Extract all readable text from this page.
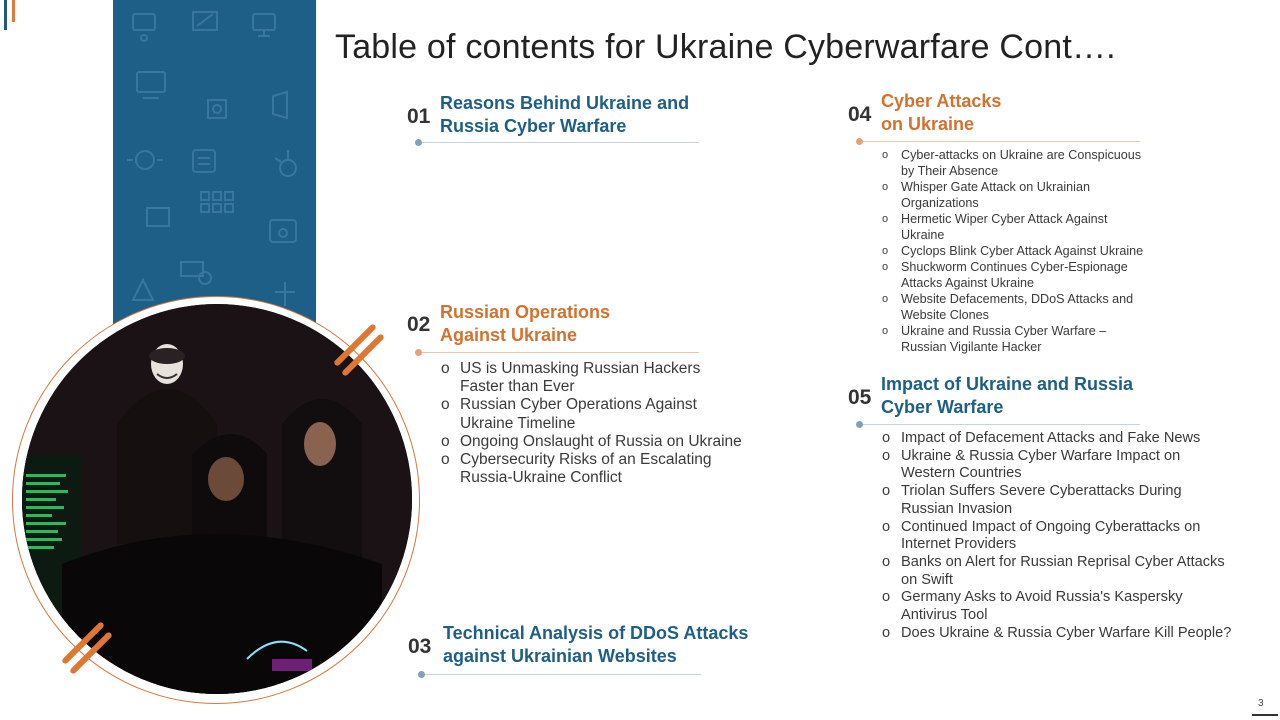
Table of contents for Ukraine Cyberwarfare Cont….
01
Reasons Behind Ukraine and
Russia Cyber Warfare
02
Russian Operations
Against Ukraine
o US is Unmasking Russian Hackers
Faster than Ever
o Russian Cyber Operations Against
Ukraine Timeline
o Ongoing Onslaught of Russia on Ukraine
o Cybersecurity Risks of an Escalating
Russia-Ukraine Conflict
03
Technical Analysis of DDoS Attacks
against Ukrainian Websites
04
Cyber Attacks
on Ukraine
o Cyber-attacks on Ukraine are Conspicuous
by Their Absence
o Whisper Gate Attack on Ukrainian
Organizations
o Hermetic Wiper Cyber Attack Against
Ukraine
o Cyclops Blink Cyber Attack Against Ukraine
o Shuckworm Continues Cyber-Espionage
Attacks Against Ukraine
o Website Defacements, DDoS Attacks and
Website Clones
o Ukraine and Russia Cyber Warfare –
Russian Vigilante Hacker
05
Impact of Ukraine and Russia
Cyber Warfare
o Impact of Defacement Attacks and Fake News
o Ukraine & Russia Cyber Warfare Impact on
Western Countries
o Triolan Suffers Severe Cyberattacks During
Russian Invasion
o Continued Impact of Ongoing Cyberattacks on
Internet Providers
o Banks on Alert for Russian Reprisal Cyber Attacks
on Swift
o Germany Asks to Avoid Russia's Kaspersky
Antivirus Tool
o Does Ukraine & Russia Cyber Warfare Kill People?
3
